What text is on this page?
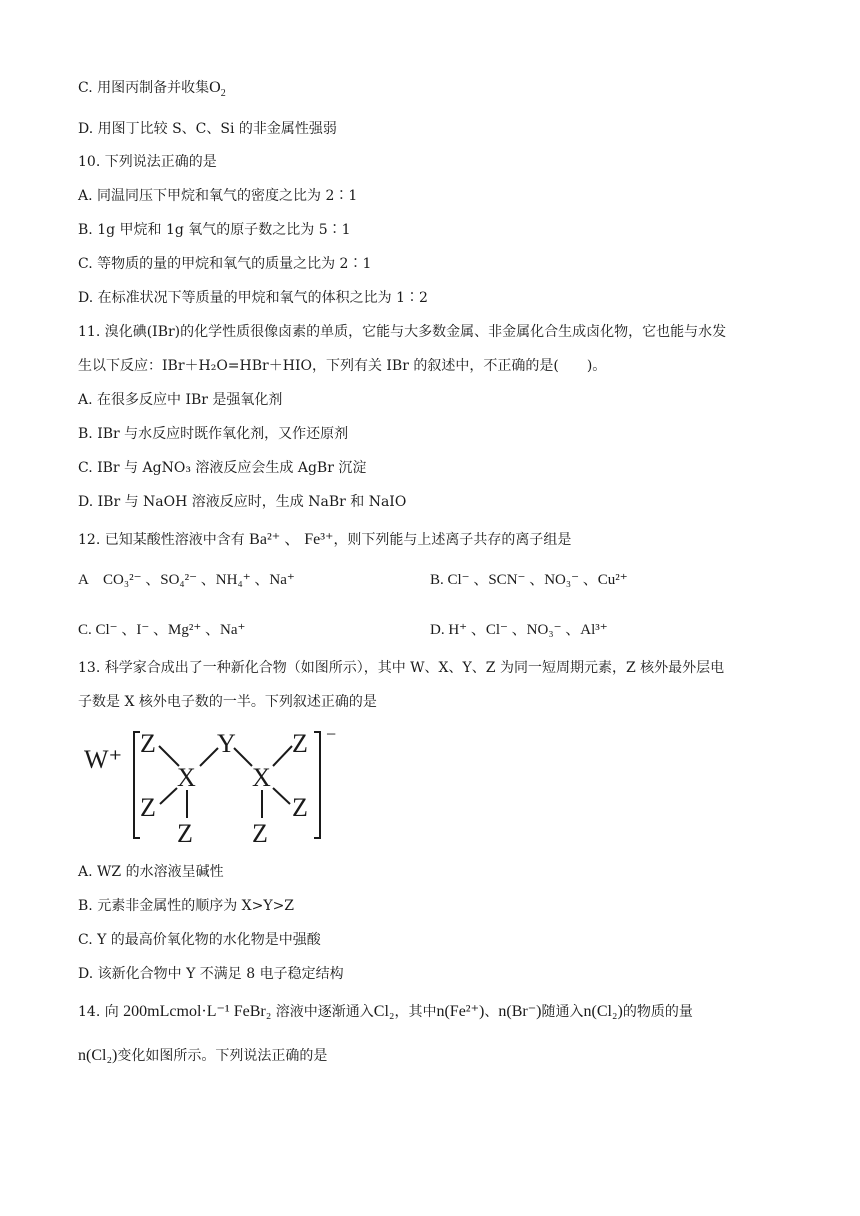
C. 用图丙制备并收集$O_2$
D. 用图丁比较 S、C、Si 的非金属性强弱
10. 下列说法正确的是
A. 同温同压下甲烷和氧气的密度之比为 2∶1
B. 1g 甲烷和 1g 氧气的原子数之比为 5∶1
C. 等物质的量的甲烷和氧气的质量之比为 2∶1
D. 在标准状况下等质量的甲烷和氧气的体积之比为 1∶2
11. 溴化碘(IBr)的化学性质很像卤素的单质，它能与大多数金属、非金属化合生成卤化物，它也能与水发
生以下反应：IBr＋H₂O=HBr＋HIO，下列有关 IBr 的叙述中，不正确的是(　　)。
A. 在很多反应中 IBr 是强氧化剂
B. IBr 与水反应时既作氧化剂，又作还原剂
C. IBr 与 AgNO₃ 溶液反应会生成 AgBr 沉淀
D. IBr 与 NaOH 溶液反应时，生成 NaBr 和 NaIO
12. 已知某酸性溶液中含有 Ba²⁺ 、 Fe³⁺，则下列能与上述离子共存的离子组是
A　CO₃²⁻ 、SO₄²⁻ 、NH₄⁺ 、Na⁺	B. Cl⁻ 、SCN⁻ 、NO₃⁻ 、Cu²⁺
C. Cl⁻ 、I⁻ 、Mg²⁺ 、Na⁺	D. H⁺ 、Cl⁻ 、NO₃⁻ 、Al³⁺
13. 科学家合成出了一种新化合物（如图所示），其中 W、X、Y、Z 为同一短周期元素，Z 核外最外层电
子数是 X 核外电子数的一半。下列叙述正确的是
W⁺
Z Y Z
X X
Z	Z
Z Z
−
A. WZ 的水溶液呈碱性
B. 元素非金属性的顺序为 X>Y>Z
C. Y 的最高价氧化物的水化物是中强酸
D. 该新化合物中 Y 不满足 8 电子稳定结构
14. 向 200mLcmol·L⁻¹ FeBr₂ 溶液中逐渐通入Cl₂，其中n(Fe²⁺)、n(Br⁻)随通入n(Cl₂)的物质的量
n(Cl₂)变化如图所示。下列说法正确的是
